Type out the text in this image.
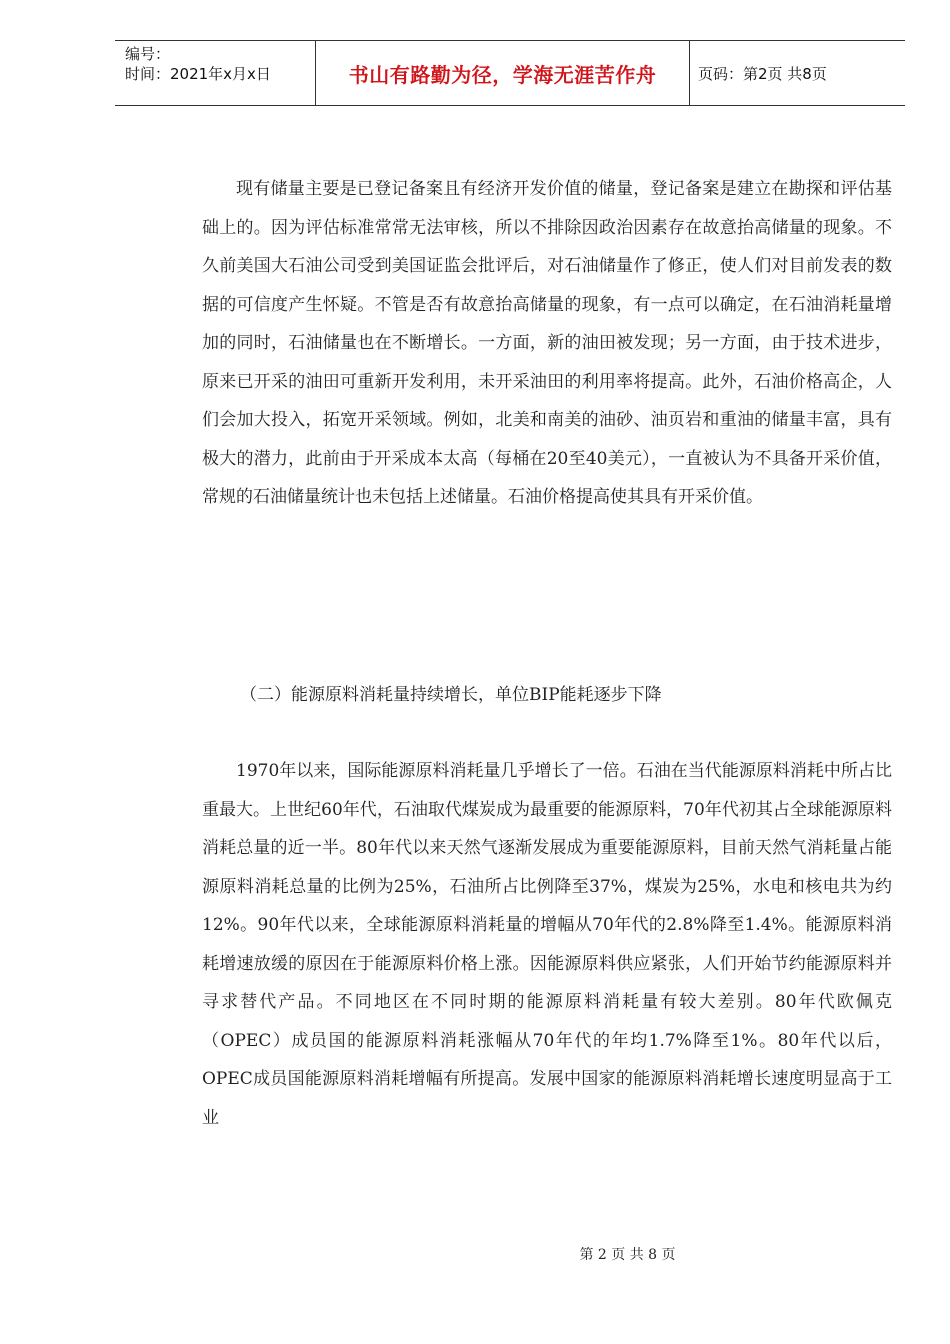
编号：
时间：2021年x月x日	书山有路勤为径，学海无涯苦作舟	页码：第2页 共8页
现有储量主要是已登记备案且有经济开发价值的储量，登记备案是建立在勘探和评估基础上的。因为评估标准常常无法审核，所以不排除因政治因素存在故意抬高储量的现象。不久前美国大石油公司受到美国证监会批评后，对石油储量作了修正，使人们对目前发表的数据的可信度产生怀疑。不管是否有故意抬高储量的现象，有一点可以确定，在石油消耗量增加的同时，石油储量也在不断增长。一方面，新的油田被发现；另一方面，由于技术进步，原来已开采的油田可重新开发利用，未开采油田的利用率将提高。此外，石油价格高企，人们会加大投入，拓宽开采领域。例如，北美和南美的油砂、油页岩和重油的储量丰富，具有极大的潜力，此前由于开采成本太高（每桶在20至40美元），一直被认为不具备开采价值，常规的石油储量统计也未包括上述储量。石油价格提高使其具有开采价值。
（二）能源原料消耗量持续增长，单位BIP能耗逐步下降
1970年以来，国际能源原料消耗量几乎增长了一倍。石油在当代能源原料消耗中所占比重最大。上世纪60年代，石油取代煤炭成为最重要的能源原料，70年代初其占全球能源原料消耗总量的近一半。80年代以来天然气逐渐发展成为重要能源原料，目前天然气消耗量占能源原料消耗总量的比例为25%，石油所占比例降至37%，煤炭为25%，水电和核电共为约12%。90年代以来，全球能源原料消耗量的增幅从70年代的2.8%降至1.4%。能源原料消耗增速放缓的原因在于能源原料价格上涨。因能源原料供应紧张，人们开始节约能源原料并寻求替代产品。不同地区在不同时期的能源原料消耗量有较大差别。80年代欧佩克（OPEC）成员国的能源原料消耗涨幅从70年代的年均1.7%降至1%。80年代以后，OPEC成员国能源原料消耗增幅有所提高。发展中国家的能源原料消耗增长速度明显高于工业
第 2 页 共 8 页
